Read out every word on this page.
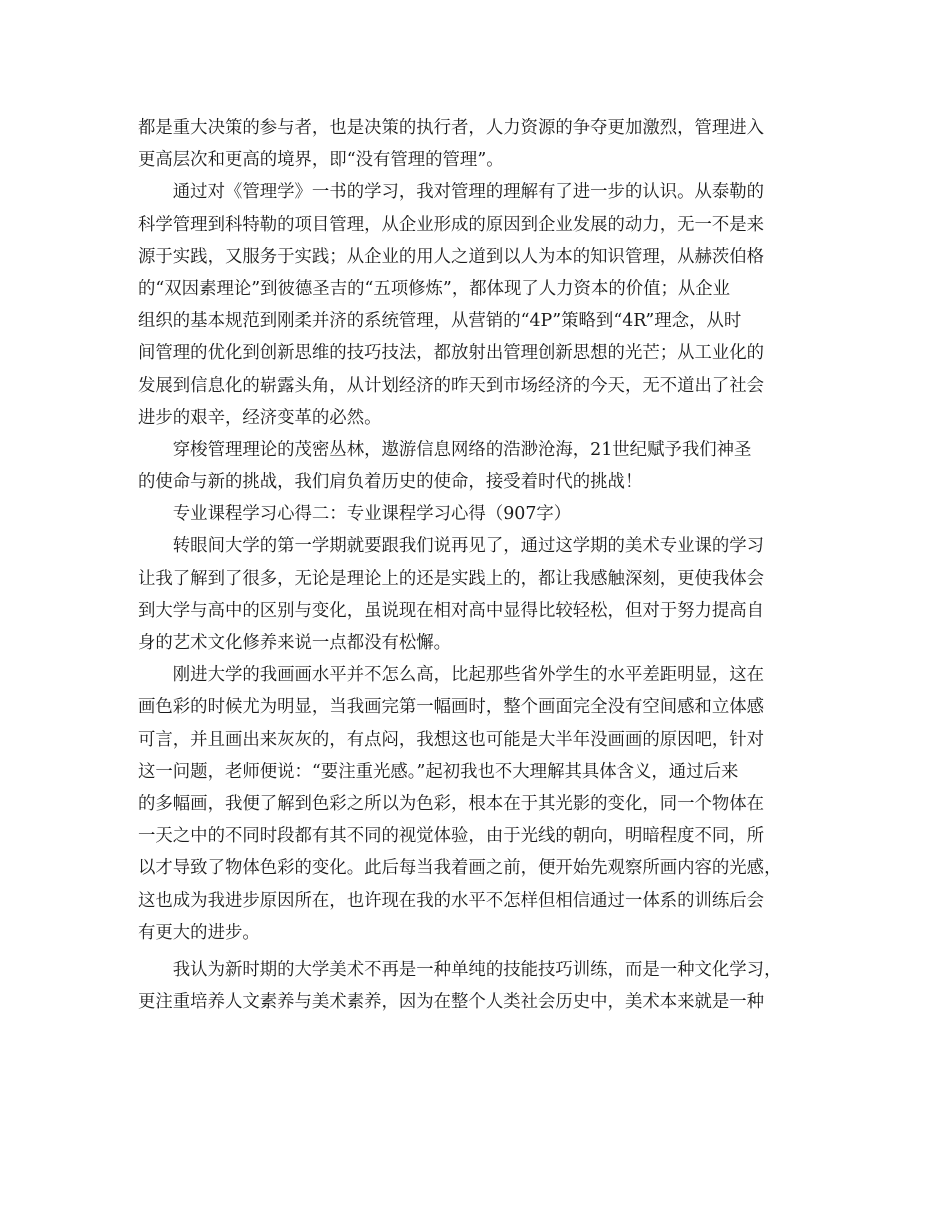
都是重大决策的参与者，也是决策的执行者，人力资源的争夺更加激烈，管理进入
更高层次和更高的境界，即“没有管理的管理”。
　　通过对《管理学》一书的学习，我对管理的理解有了进一步的认识。从泰勒的
科学管理到科特勒的项目管理，从企业形成的原因到企业发展的动力，无一不是来
源于实践，又服务于实践；从企业的用人之道到以人为本的知识管理，从赫茨伯格
的“双因素理论”到彼德圣吉的“五项修炼”，都体现了人力资本的价值；从企业
组织的基本规范到刚柔并济的系统管理，从营销的“4P”策略到“4R”理念，从时
间管理的优化到创新思维的技巧技法，都放射出管理创新思想的光芒；从工业化的
发展到信息化的崭露头角，从计划经济的昨天到市场经济的今天，无不道出了社会
进步的艰辛，经济变革的必然。
　　穿梭管理理论的茂密丛林，遨游信息网络的浩渺沧海，21世纪赋予我们神圣
的使命与新的挑战，我们肩负着历史的使命，接受着时代的挑战！
　　专业课程学习心得二：专业课程学习心得（907字）
　　转眼间大学的第一学期就要跟我们说再见了，通过这学期的美术专业课的学习
让我了解到了很多，无论是理论上的还是实践上的，都让我感触深刻，更使我体会
到大学与高中的区别与变化，虽说现在相对高中显得比较轻松，但对于努力提高自
身的艺术文化修养来说一点都没有松懈。
　　刚进大学的我画画水平并不怎么高，比起那些省外学生的水平差距明显，这在
画色彩的时候尤为明显，当我画完第一幅画时，整个画面完全没有空间感和立体感
可言，并且画出来灰灰的，有点闷，我想这也可能是大半年没画画的原因吧，针对
这一问题，老师便说：“要注重光感。”起初我也不大理解其具体含义，通过后来
的多幅画，我便了解到色彩之所以为色彩，根本在于其光影的变化，同一个物体在
一天之中的不同时段都有其不同的视觉体验，由于光线的朝向，明暗程度不同，所
以才导致了物体色彩的变化。此后每当我着画之前，便开始先观察所画内容的光感，
这也成为我进步原因所在，也许现在我的水平不怎样但相信通过一体系的训练后会
有更大的进步。
　　我认为新时期的大学美术不再是一种单纯的技能技巧训练，而是一种文化学习，
更注重培养人文素养与美术素养，因为在整个人类社会历史中，美术本来就是一种
